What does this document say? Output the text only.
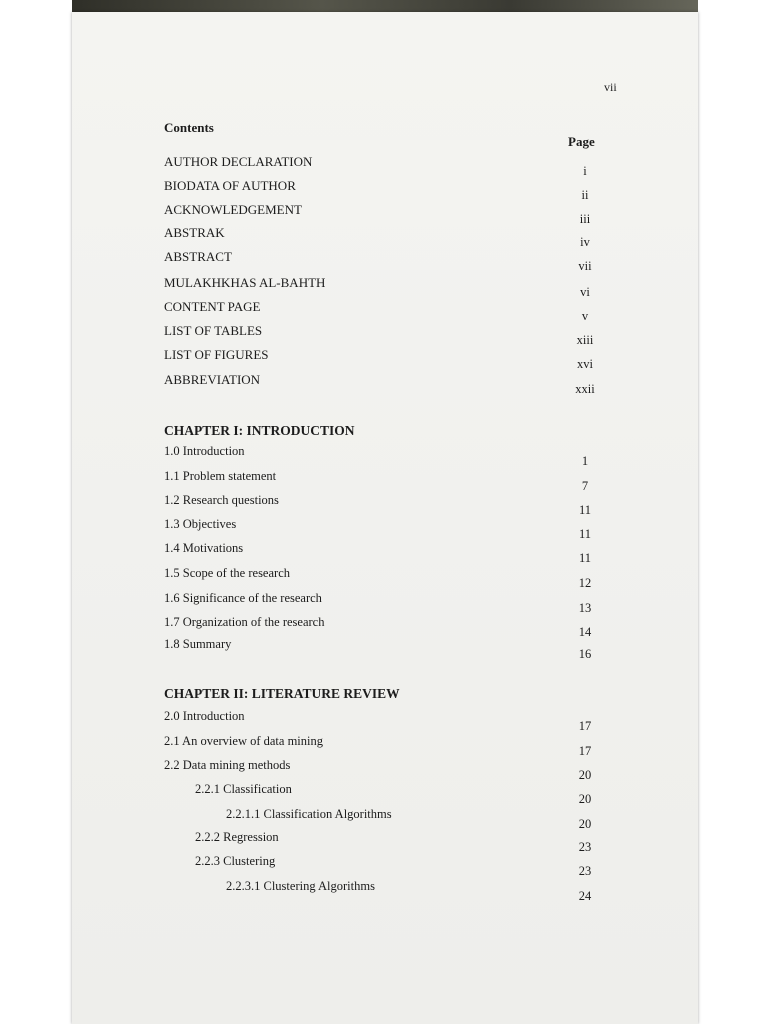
vii
Contents
Page
AUTHOR DECLARATION
i
BIODATA OF AUTHOR
ii
ACKNOWLEDGEMENT
iii
ABSTRAK
iv
ABSTRACT
vii
MULAKHKHAS AL-BAHTH
vi
CONTENT PAGE
v
LIST OF TABLES
xiii
LIST OF FIGURES
xvi
ABBREVIATION
xxii
CHAPTER I: INTRODUCTION
1.0 Introduction
1
1.1 Problem statement
7
1.2 Research questions
11
1.3 Objectives
11
1.4 Motivations
11
1.5 Scope of the research
12
1.6 Significance of the research
13
1.7 Organization of the research
14
1.8 Summary
16
CHAPTER II: LITERATURE REVIEW
2.0 Introduction
17
2.1 An overview of data mining
17
2.2 Data mining methods
20
2.2.1 Classification
20
2.2.1.1 Classification Algorithms
20
2.2.2 Regression
23
2.2.3 Clustering
23
2.2.3.1 Clustering Algorithms
24
